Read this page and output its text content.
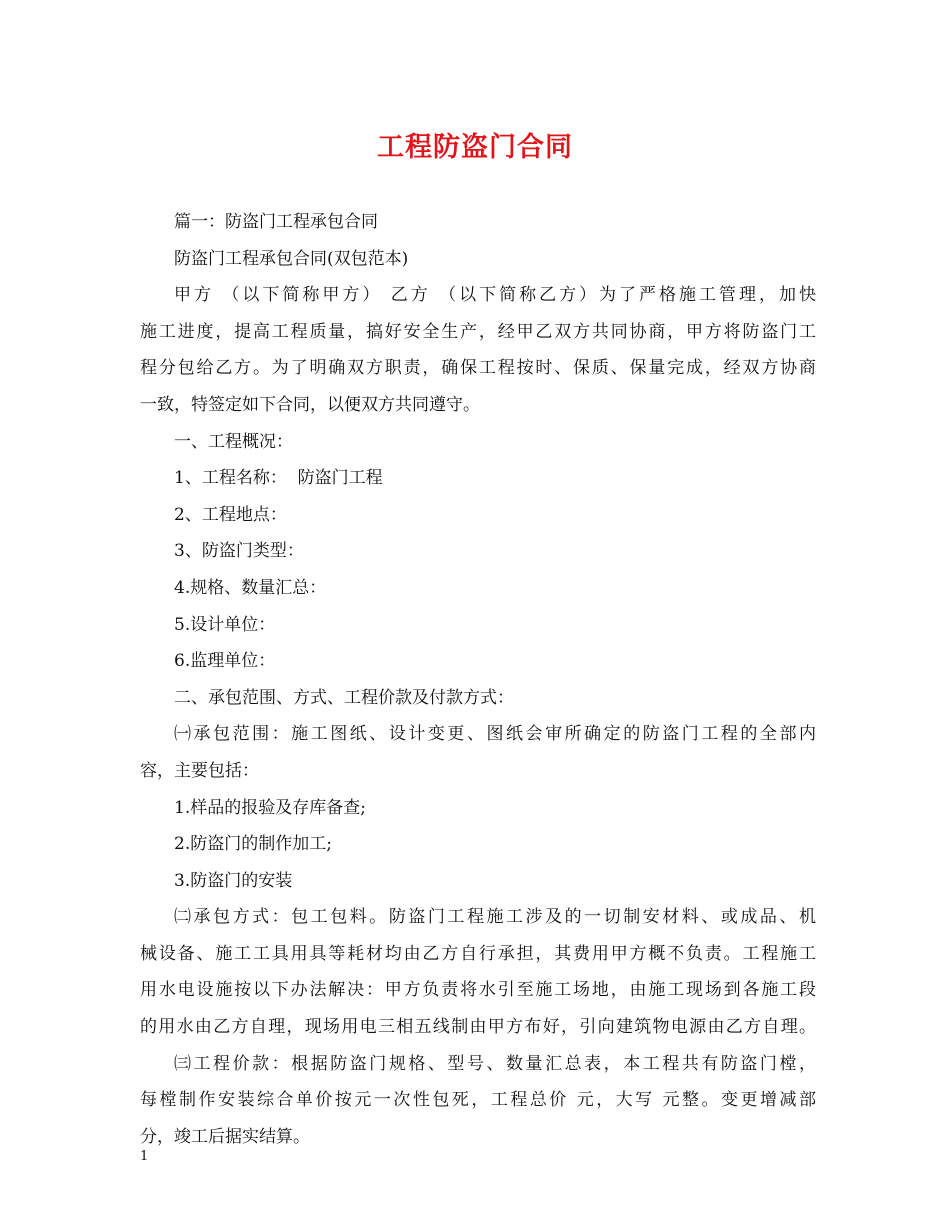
工程防盗门合同
篇一：防盗门工程承包合同
防盗门工程承包合同(双包范本)
甲方 （以下简称甲方） 乙方 （以下简称乙方）为了严格施工管理，加快
施工进度，提高工程质量，搞好安全生产，经甲乙双方共同协商，甲方将防盗门工
程分包给乙方。为了明确双方职责，确保工程按时、保质、保量完成，经双方协商
一致，特签定如下合同，以便双方共同遵守。
一、工程概况：
1、工程名称：  防盗门工程
2、工程地点：
3、防盗门类型：
4.规格、数量汇总：
5.设计单位：
6.监理单位：
二、承包范围、方式、工程价款及付款方式：
㈠承包范围：施工图纸、设计变更、图纸会审所确定的防盗门工程的全部内
容，主要包括：
1.样品的报验及存库备查;
2.防盗门的制作加工;
3.防盗门的安装
㈡承包方式：包工包料。防盗门工程施工涉及的一切制安材料、或成品、机
械设备、施工工具用具等耗材均由乙方自行承担，其费用甲方概不负责。工程施工
用水电设施按以下办法解决：甲方负责将水引至施工场地，由施工现场到各施工段
的用水由乙方自理，现场用电三相五线制由甲方布好，引向建筑物电源由乙方自理。
㈢工程价款：根据防盗门规格、型号、数量汇总表，本工程共有防盗门樘，
每樘制作安装综合单价按元一次性包死，工程总价 元，大写 元整。变更增减部
分，竣工后据实结算。
1
